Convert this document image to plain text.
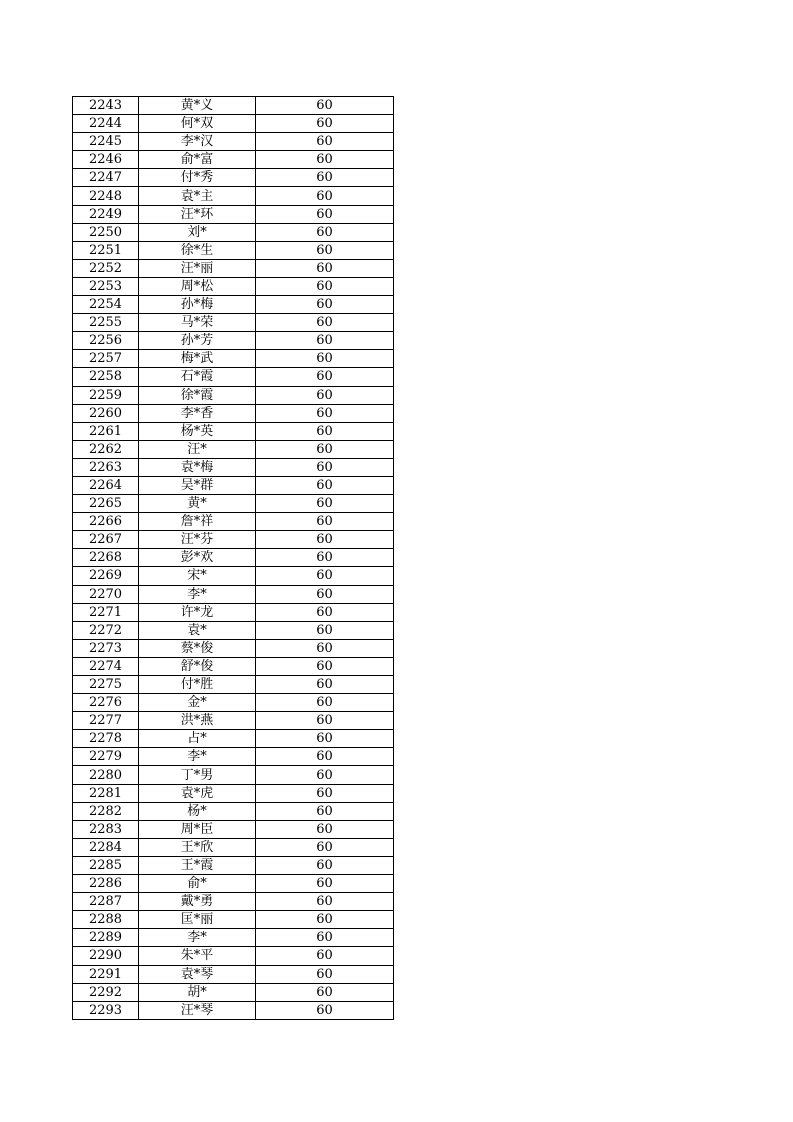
2243	黄*义	60
2244	何*双	60
2245	李*汉	60
2246	俞*富	60
2247	付*秀	60
2248	袁*主	60
2249	汪*环	60
2250	刘*	60
2251	徐*生	60
2252	汪*丽	60
2253	周*松	60
2254	孙*梅	60
2255	马*荣	60
2256	孙*芳	60
2257	梅*武	60
2258	石*霞	60
2259	徐*霞	60
2260	李*香	60
2261	杨*英	60
2262	汪*	60
2263	袁*梅	60
2264	吴*群	60
2265	黄*	60
2266	詹*祥	60
2267	汪*芬	60
2268	彭*欢	60
2269	宋*	60
2270	李*	60
2271	许*龙	60
2272	袁*	60
2273	蔡*俊	60
2274	舒*俊	60
2275	付*胜	60
2276	金*	60
2277	洪*燕	60
2278	占*	60
2279	李*	60
2280	丁*男	60
2281	袁*虎	60
2282	杨*	60
2283	周*臣	60
2284	王*欣	60
2285	王*霞	60
2286	俞*	60
2287	戴*勇	60
2288	匡*丽	60
2289	李*	60
2290	朱*平	60
2291	袁*琴	60
2292	胡*	60
2293	汪*琴	60
